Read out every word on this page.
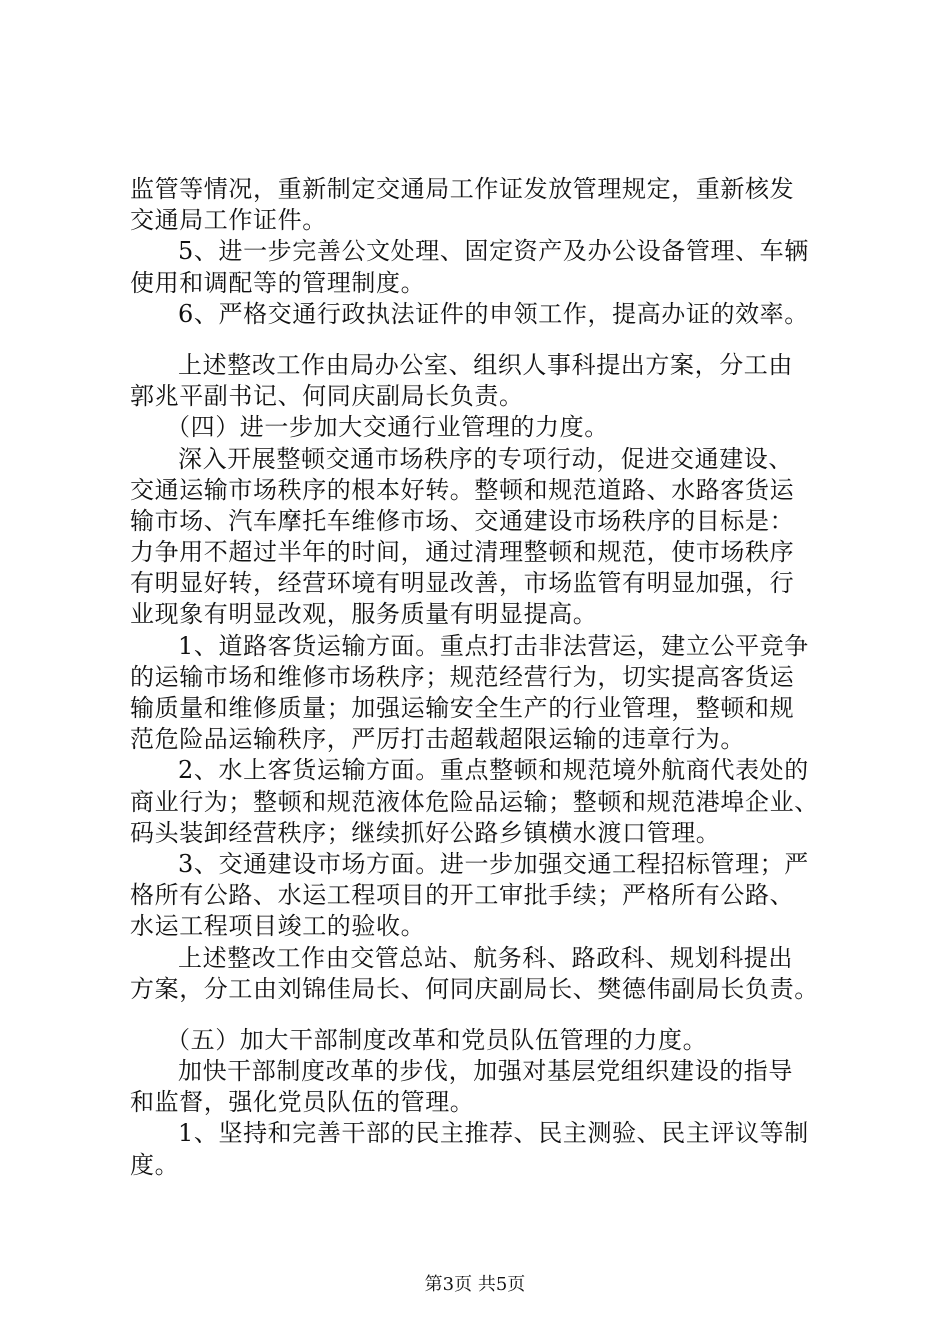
监管等情况，重新制定交通局工作证发放管理规定，重新核发
交通局工作证件。
5、进一步完善公文处理、固定资产及办公设备管理、车辆
使用和调配等的管理制度。
6、严格交通行政执法证件的申领工作，提高办证的效率。
上述整改工作由局办公室、组织人事科提出方案，分工由
郭兆平副书记、何同庆副局长负责。
（四）进一步加大交通行业管理的力度。
深入开展整顿交通市场秩序的专项行动，促进交通建设、
交通运输市场秩序的根本好转。整顿和规范道路、水路客货运
输市场、汽车摩托车维修市场、交通建设市场秩序的目标是：
力争用不超过半年的时间，通过清理整顿和规范，使市场秩序
有明显好转，经营环境有明显改善，市场监管有明显加强，行
业现象有明显改观，服务质量有明显提高。
1、道路客货运输方面。重点打击非法营运，建立公平竞争
的运输市场和维修市场秩序；规范经营行为，切实提高客货运
输质量和维修质量；加强运输安全生产的行业管理，整顿和规
范危险品运输秩序，严厉打击超载超限运输的违章行为。
2、水上客货运输方面。重点整顿和规范境外航商代表处的
商业行为；整顿和规范液体危险品运输；整顿和规范港埠企业、
码头装卸经营秩序；继续抓好公路乡镇横水渡口管理。
3、交通建设市场方面。进一步加强交通工程招标管理；严
格所有公路、水运工程项目的开工审批手续；严格所有公路、
水运工程项目竣工的验收。
上述整改工作由交管总站、航务科、路政科、规划科提出
方案，分工由刘锦佳局长、何同庆副局长、樊德伟副局长负责。
（五）加大干部制度改革和党员队伍管理的力度。
加快干部制度改革的步伐，加强对基层党组织建设的指导
和监督，强化党员队伍的管理。
1、坚持和完善干部的民主推荐、民主测验、民主评议等制
度。
第3页 共5页
